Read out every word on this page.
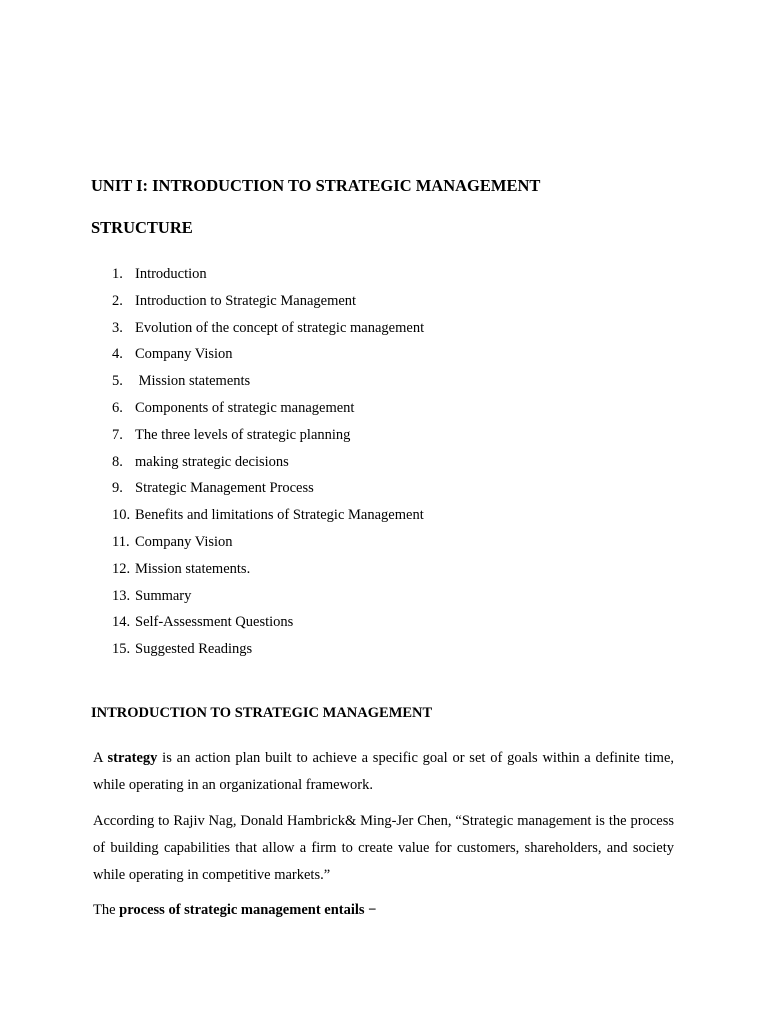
UNIT I: INTRODUCTION TO STRATEGIC MANAGEMENT
STRUCTURE
1. Introduction
2. Introduction to Strategic Management
3. Evolution of the concept of strategic management
4. Company Vision
5. Mission statements
6. Components of strategic management
7. The three levels of strategic planning
8. making strategic decisions
9. Strategic Management Process
10. Benefits and limitations of Strategic Management
11. Company Vision
12. Mission statements.
13. Summary
14. Self-Assessment Questions
15. Suggested Readings
INTRODUCTION TO STRATEGIC MANAGEMENT

A strategy is an action plan built to achieve a specific goal or set of goals within a definite time, while operating in an organizational framework.

According to Rajiv Nag, Donald Hambrick& Ming-Jer Chen, “Strategic management is the process of building capabilities that allow a firm to create value for customers, shareholders, and society while operating in competitive markets.”

The process of strategic management entails −
